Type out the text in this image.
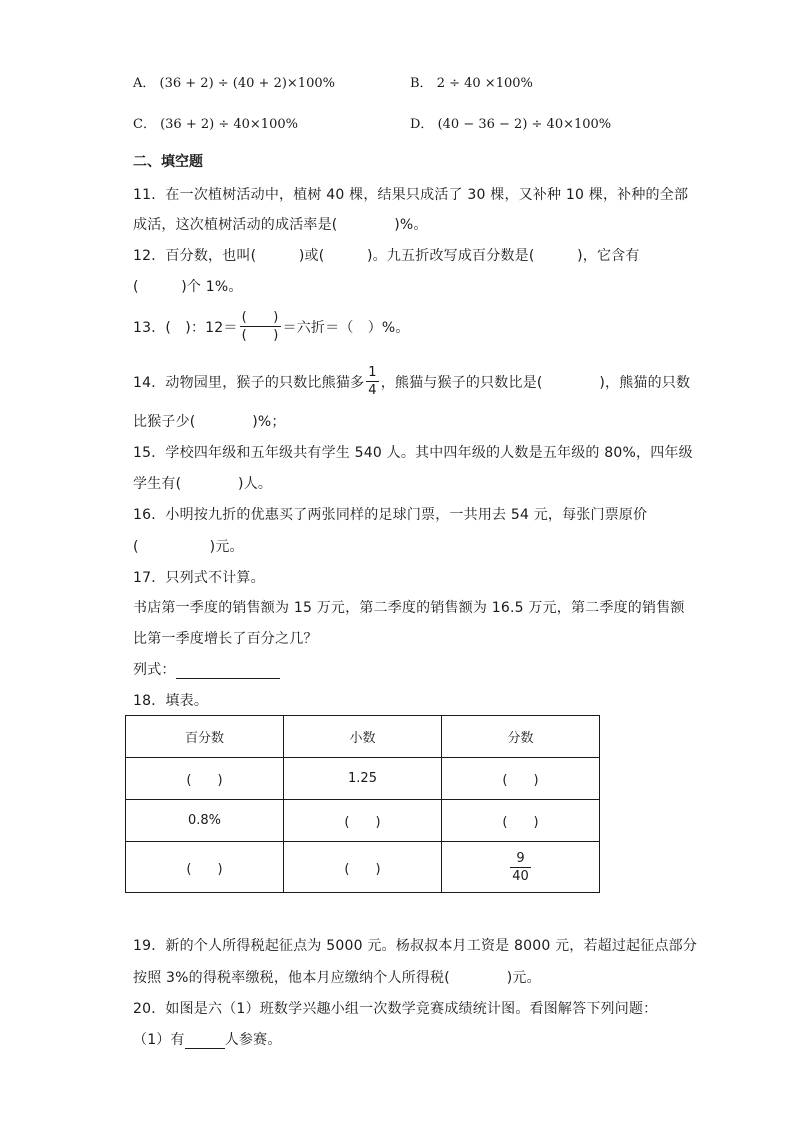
A． (36 + 2) ÷ (40 + 2)×100%	B． 2 ÷ 40 ×100%
C． (36 + 2) ÷ 40×100%	D． (40 − 36 − 2) ÷ 40×100%
二、填空题
11．在一次植树活动中，植树 40 棵，结果只成活了 30 棵，又补种 10 棵，补种的全部
成活，这次植树活动的成活率是(　　　　)%。
12．百分数，也叫(　　　)或(　　　)。九五折改写成百分数是(　　　)，它含有
(　　　)个 1%。
13．(　)：$12= \frac{( )}{( )}$ ＝六折＝（　）%。
14．动物园里，猴子的只数比熊猫多 $\frac{1}{4}$ ，熊猫与猴子的只数比是(　　　　)，熊猫的只数
比猴子少(　　　　)%；
15．学校四年级和五年级共有学生 540 人。其中四年级的人数是五年级的 80%，四年级
学生有(　　　　)人。
16．小明按九折的优惠买了两张同样的足球门票，一共用去 54 元，每张门票原价
(　　　　　)元。
17．只列式不计算。
书店第一季度的销售额为 15 万元，第二季度的销售额为 16.5 万元，第二季度的销售额
比第一季度增长了百分之几？
列式：
18．填表。
百分数	小数	分数
(　　)	1.25	(　　)
0.8%	(　　)	(　　)
(　　)	(　　)	$\frac{9}{40}$
19．新的个人所得税起征点为 5000 元。杨叔叔本月工资是 8000 元，若超过起征点部分
按照 3%的得税率缴税，他本月应缴纳个人所得税(　　　　)元。
20．如图是六（1）班数学兴趣小组一次数学竞赛成绩统计图。看图解答下列问题：
（1）有	人参赛。
